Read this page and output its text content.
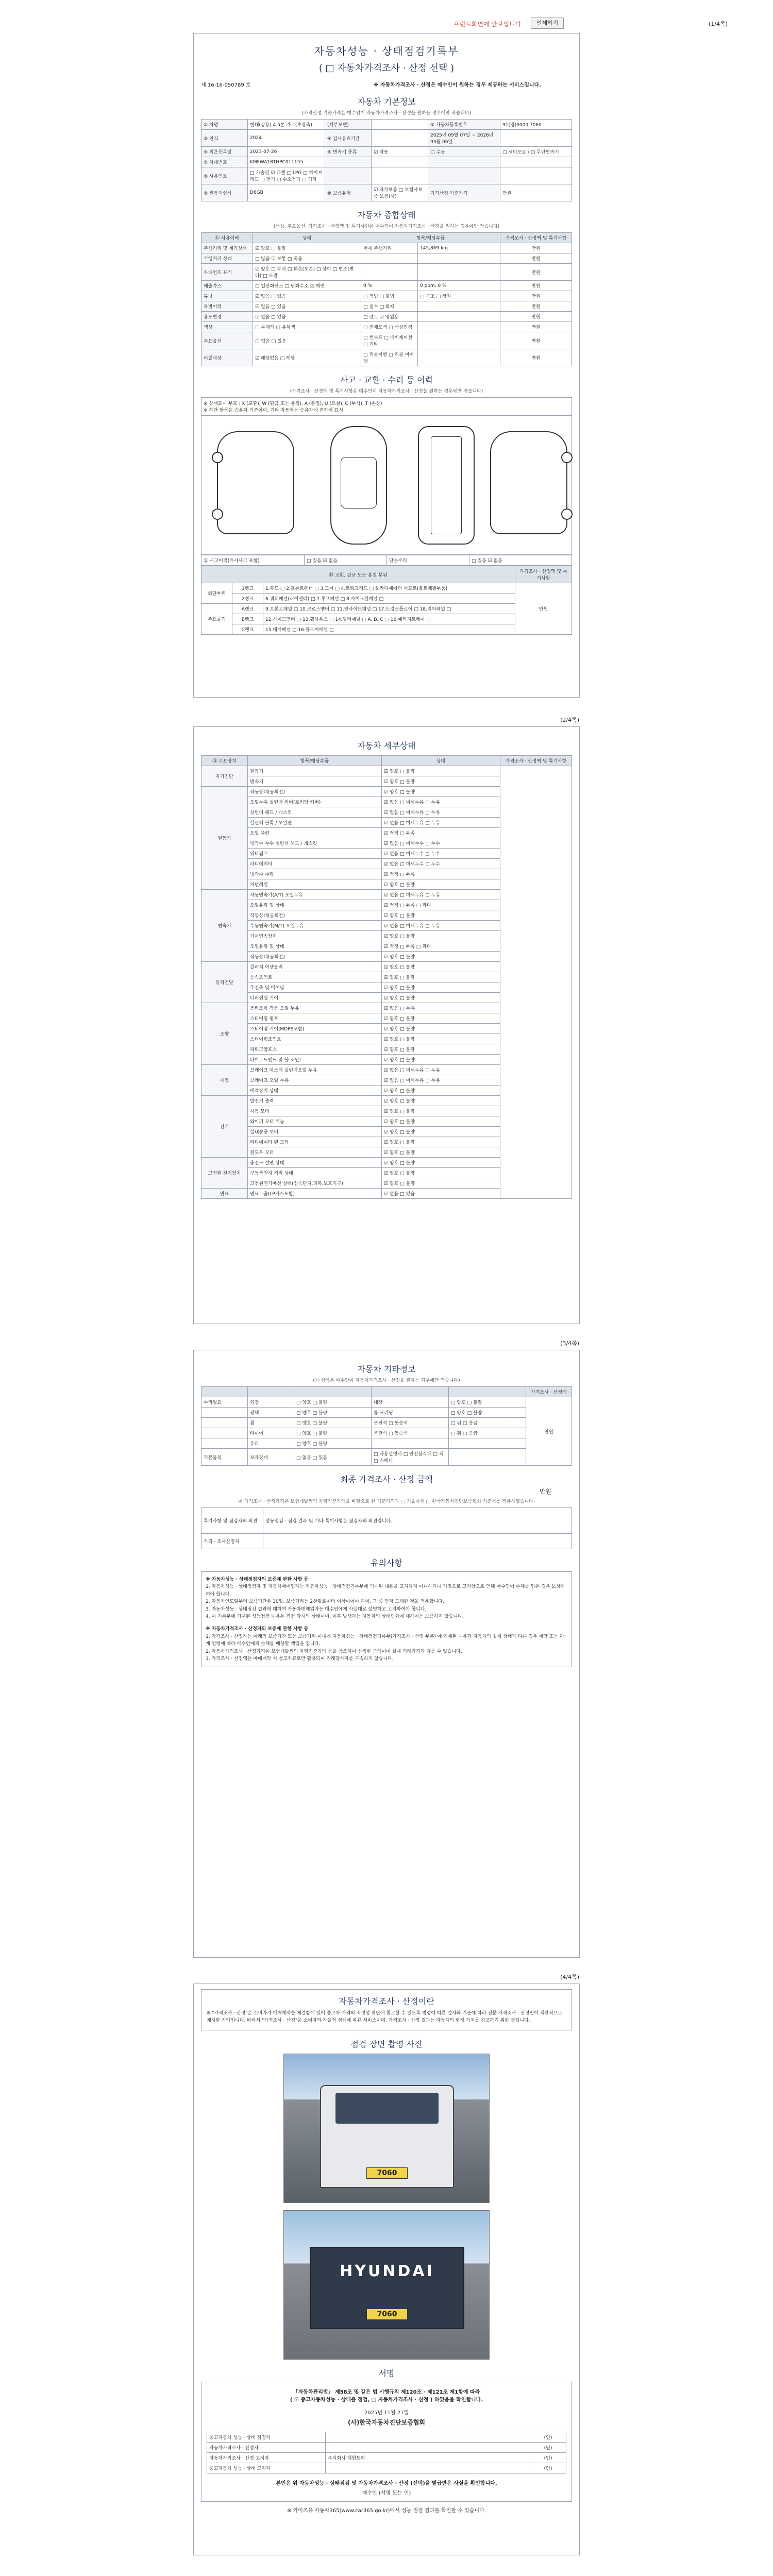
프린트화면에 안보입니다	인쇄하기	(1/4쪽)
자동차성능 · 상태점검기록부
( □ 자동차가격조사 · 산정 선택 )
제 16-16-050789 호	※ 자동차가격조사 · 산정은 매수인이 원하는 경우 제공하는 서비스입니다.
자동차 기본정보
(가격산정 기준가격은 매수인이 자동차가격조사 · 산정을 원하는 경우에만 적습니다)
① 차명	현대(상용) 4.5톤 카고(초장축)	(세부모델)		② 자동차등록번호	91(경)0000 7060
③ 연식	2024	④ 검사유효기간		2025년 09월 07일 ~ 2026년 03월 06일	
⑤ 최초등록일	2023-07-26	⑥ 변속기 종류	☑ 자동	□ 수동	□ 세미오토 / □ 무단변속기
⑦ 차대번호	KMFWA18THPC011155				
⑧ 사용연료	□ 가솔린 ☑ 디젤 □ LPG □ 하이브리드 □ 전기 □ 수소전기 □ 기타				
⑨ 원동기형식	D6GB	⑩ 보증유형	☑ 자가보증 □ 보험사보증 보험(사)	가격산정 기준가격	만원
자동차 종합상태
(색상, 주요옵션, 가격조사 · 산정액 및 특기사항은 매수인이 자동차가격조사 · 산정을 원하는 경우에만 적습니다)
⑪ 사용이력	상태	항목/해당부품		가격조사 · 산정액 및 특기사항
주행거리 및 계기상태	☑ 양호 □ 불량	현재 주행거리	145,869 km	만원
주행거리 상태	□ 많음 ☑ 보통 □ 적음			만원
차대번호 표기	☑ 양호 □ 부식 □ 훼손(오손) □ 상이 □ 변조(변타) □ 도말			만원
배출가스	□ 일산화탄소 □ 탄화수소 ☑ 매연	0 %	0 ppm, 0 %	만원
튜닝	☑ 없음 □ 있음	□ 적법 □ 불법	□ 구조 □ 장치	만원
특별이력	☑ 없음 □ 있음	□ 침수 □ 화재		만원
용도변경	☑ 없음 □ 있음	□ 렌트 ☑ 영업용		만원
색상	□ 무채색 □ 유채색	□ 전체도색 □ 색상변경		만원
주요옵션	□ 없음 □ 있음	□ 썬루프 □ 네비게이션 □ 기타		만원
리콜대상	☑ 해당없음 □ 해당	□ 리콜이행 □ 리콜 미이행		만원
사고 · 교환 · 수리 등 이력
(가격조사 · 산정액 및 특기사항은 매수인이 자동차가격조사 · 산정을 원하는 경우에만 적습니다)
※ 상태표시 부호 : X (교환), W (판금 또는 용접), A (흠집), U (요철), C (부식), T (손상)
※ 하단 항목은 승용차 기준이며, 기타 자동차는 승용차에 준하여 표시
⑫ 사고이력(유사사고 포함)	□ 있음 ☑ 없음	단순수리	□ 있음 ☑ 없음
⑬ 교환, 판금 또는 용접 부위			가격조사 · 산정액 및 특기사항
외판부위	1랭크	1.후드 □ 2.프론트펜더 □ 3.도어 □ 4.트렁크리드 □ 5.라디에이터 서포트(볼트체결부품)	만원
	2랭크	6.쿼터패널(리어펜더) □ 7.루프패널 □ 8.사이드실패널 □	
주요골격	A랭크	9.프론트패널 □ 10.크로스멤버 □ 11.인사이드패널 □ 17.트렁크플로어 □ 18.리어패널 □	
	B랭크	12.사이드멤버 □ 13.휠하우스 □ 14.필러패널 □ A. B. C □ 16.패키지트레이 □	
	C랭크	15.대쉬패널 □ 16.플로어패널 □	
(2/4쪽)
자동차 세부상태
⑭ 주요장치	항목/해당부품	상태	가격조사 · 산정액 및 특기사항
자기진단	원동기	☑ 양호 □ 불량	
	변속기	☑ 양호 □ 불량	
원동기	작동상태(공회전)	☑ 양호 □ 불량	
	오일누유 실린더 커버(로커암 커버)	☑ 없음 □ 미세누유 □ 누유	
	실린더 헤드 / 개스킷	☑ 없음 □ 미세누유 □ 누유	
	실린더 블록 / 오일팬	☑ 없음 □ 미세누유 □ 누유	
	오일 유량	☑ 적정 □ 부족	
	냉각수 누수 실린더 헤드 / 개스킷	☑ 없음 □ 미세누수 □ 누수	
	워터펌프	☑ 없음 □ 미세누수 □ 누수	
	라디에이터	☑ 없음 □ 미세누수 □ 누수	
	냉각수 수량	☑ 적정 □ 부족	
	커먼레일	☑ 양호 □ 불량	
변속기	자동변속기(A/T) 오일누유	☑ 없음 □ 미세누유 □ 누유	
	오일유량 및 상태	☑ 적정 □ 부족 □ 과다	
	작동상태(공회전)	☑ 양호 □ 불량	
	수동변속기(M/T) 오일누유	☑ 없음 □ 미세누유 □ 누유	
	기어변속장치	☑ 양호 □ 불량	
	오일유량 및 상태	☑ 적정 □ 부족 □ 과다	
	작동상태(공회전)	☑ 양호 □ 불량	
동력전달	클러치 어셈블리	☑ 양호 □ 불량	
	등속조인트	☑ 양호 □ 불량	
	추진축 및 베어링	☑ 양호 □ 불량	
	디퍼렌셜 기어	☑ 양호 □ 불량	
조향	동력조향 작동 오일 누유	☑ 없음 □ 누유	
	스티어링 펌프	☑ 양호 □ 불량	
	스티어링 기어(MDPS포함)	☑ 양호 □ 불량	
	스티어링조인트	☑ 양호 □ 불량	
	파워고압호스	☑ 양호 □ 불량	
	타이로드엔드 및 볼 조인트	☑ 양호 □ 불량	
제동	브레이크 마스터 실린더오일 누유	☑ 없음 □ 미세누유 □ 누유	
	브레이크 오일 누유	☑ 없음 □ 미세누유 □ 누유	
	배력장치 상태	☑ 양호 □ 불량	
전기	발전기 출력	☑ 양호 □ 불량	
	시동 모터	☑ 양호 □ 불량	
	와이퍼 모터 기능	☑ 양호 □ 불량	
	실내송풍 모터	☑ 양호 □ 불량	
	라디에이터 팬 모터	☑ 양호 □ 불량	
	윈도우 모터	☑ 양호 □ 불량	
고전원 전기장치	충전구 절연 상태	☑ 양호 □ 불량	
	구동축전지 격리 상태	☑ 양호 □ 불량	
	고전원전기배선 상태(접속단자,피복,보호기구)	☑ 양호 □ 불량	
연료	연료누출(LP가스포함)	☑ 없음 □ 있음	
(3/4쪽)
자동차 기타정보
(⑮ 항목은 매수인이 자동차가격조사 · 산정을 원하는 경우에만 적습니다)
					가격조사 · 산정액
수리필요	외장	□ 양호 □ 불량	내장	□ 양호 □ 불량	만원
	광택	□ 양호 □ 불량	룸 크리닝	□ 양호 □ 불량	
	휠	□ 양호 □ 불량	운전석 □ 동승석	□ 뒤 □ 응급	
	타이어	□ 양호 □ 불량	운전석 □ 동승석	□ 뒤 □ 응급	
	유리	□ 양호 □ 불량			
기본품목	보유상태	□ 없음 □ 있음	□ 사용설명서 □ 안전삼각대 □ 잭 □ 스패너		
최종 가격조사 · 산정 금액
만원
이 가격조사 · 산정가격은 보험개발원의 차량기준가액을 바탕으로 한 기준가격과 □ 기술사회 □ 한국자동차진단보증협회 기준서를 적용하였습니다.
특기사항 및 점검자의 의견	성능점검 · 점검 결과 및 기타 특이사항은 점검자의 의견입니다.
가격 · 조사산정자	
유의사항
※ 자동차성능 · 상태점검자의 보증에 관한 사항 등
1. 자동차성능 · 상태점검자 및 자동차매매업자는 자동차성능 · 상태점검기록부에 기재된 내용을 고지하지 아니하거나 거짓으로 고지함으로 인해 매수인이 손해를 입은 경우 보상하여야 합니다.
2. 자동차인도일부터 보증기간은 30일, 보증거리는 2천킬로미터 이상이어야 하며, 그 중 먼저 도래한 것을 적용합니다.
3. 자동차성능 · 상태점검 결과에 대하여 자동차매매업자는 매수인에게 사실대로 설명하고 고지하여야 합니다.
4. 이 기록부에 기재된 성능점검 내용은 점검 당시의 상태이며, 이후 발생하는 자동차의 상태변화에 대하여는 보증하지 않습니다.
※ 자동차가격조사 · 산정자의 보증에 관한 사항 등
1. 가격조사 · 산정자는 아래의 보증기간 또는 보증거리 이내에 자동차성능 · 상태점검기록부(가격조사 · 산정 부분) 에 기재된 내용과 자동차의 실제 상태가 다른 경우 계약 또는 관계 법령에 따라 매수인에게 손해를 배상할 책임을 집니다.
2. 자동차가격조사 · 산정가격은 보험개발원의 차량기준가액 등을 참조하여 산정한 금액이며 실제 거래가격과 다를 수 있습니다.
3. 가격조사 · 산정액은 매매계약 시 참고자료로만 활용되며 거래당사자를 구속하지 않습니다.
(4/4쪽)
자동차가격조사 · 산정이란
※ "가격조사 · 산정"은 소비자가 매매계약을 체결함에 있어 중고차 가격의 적정성 판단에 참고할 수 있도록 법령에 따른 절차와 기준에 따라 전문 가격조사 · 산정인이 객관적으로 제시한 가액입니다. 따라서 "가격조사 · 산정"은 소비자의 자율적 선택에 따른 서비스이며, 가격조사 · 산정 결과는 자동차의 현재 가치를 참고하기 위한 것입니다.
점검 장면 촬영 사진
7060
HYUNDAI
7060
서명
「자동차관리법」 제58조 및 같은 법 시행규칙 제120조 · 제121조 제1항에 따라
( ☑ 중고자동차성능 · 상태를 점검, □ 자동차가격조사 · 산정 ) 하였음을 확인합니다.
2025년 11월 21일
(사)한국자동차진단보증협회
중고자동차 성능 · 상태 점검자		(인)
자동차가격조사 · 산정자		(인)
자동차가격조사 · 산정 고지자	주식회사 대원트럭	(인)
중고자동차 성능 · 상태 고지자		(인)
본인은 위 자동차성능 · 상태점검 및 자동차가격조사 · 산정 (선택)을 발급받은 사실을 확인합니다.
매수인 (서명 또는 인)
※ 카이즈유 자동차365(www.car365.go.kr)에서 성능 점검 결과를 확인할 수 있습니다.
